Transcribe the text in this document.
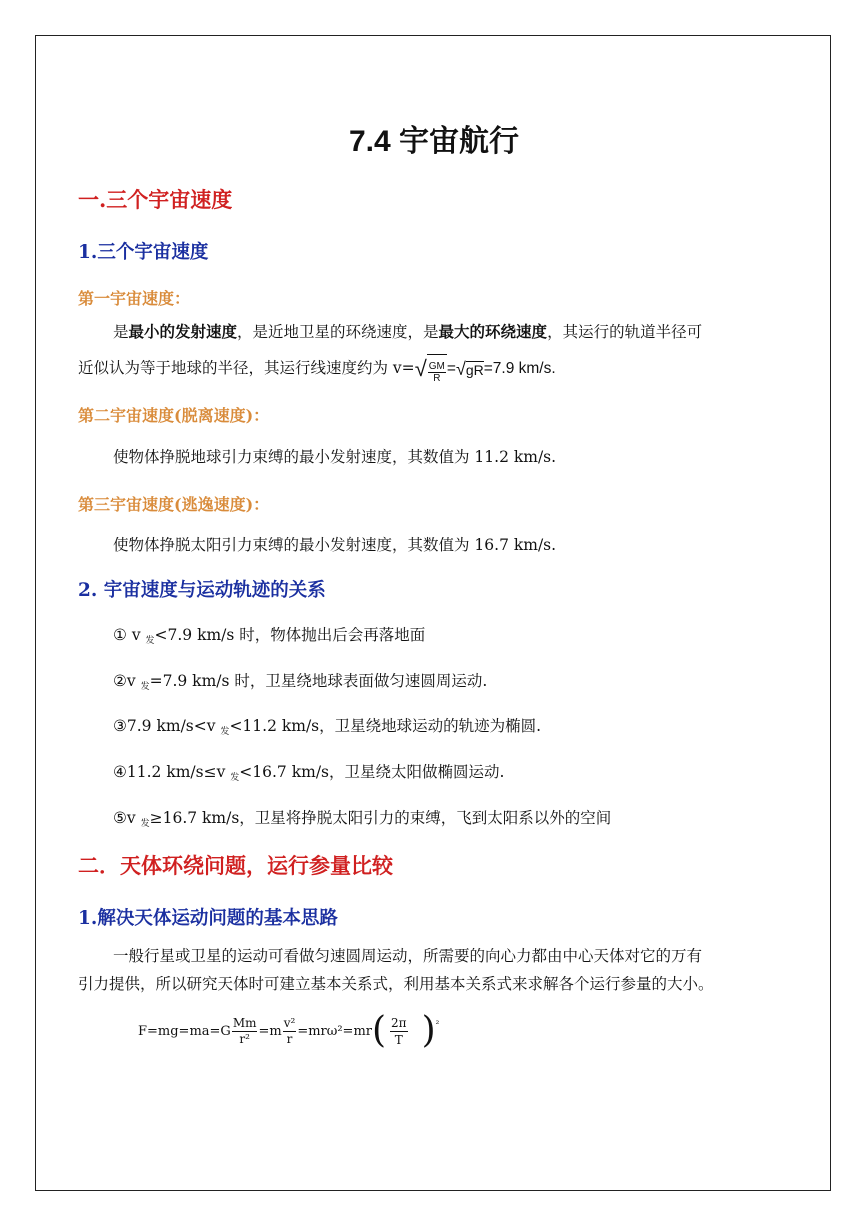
7.4 宇宙航行
一.三个宇宙速度
1.三个宇宙速度
第一宇宙速度：
是最小的发射速度，是近地卫星的环绕速度，是最大的环绕速度，其运行的轨道半径可
近似认为等于地球的半径，其运行线速度约为 v= √ $\frac{GM}{R}$ = √ gR =7.9 km/s.
第二宇宙速度(脱离速度)：
使物体挣脱地球引力束缚的最小发射速度，其数值为 11.2 km/s.
第三宇宙速度(逃逸速度)：
使物体挣脱太阳引力束缚的最小发射速度，其数值为 16.7 km/s.
2. 宇宙速度与运动轨迹的关系
① v 发<7.9 km/s 时，物体抛出后会再落地面
②v 发=7.9 km/s 时，卫星绕地球表面做匀速圆周运动.
③7.9 km/s<v 发<11.2 km/s，卫星绕地球运动的轨迹为椭圆.
④11.2 km/s≤v 发<16.7 km/s，卫星绕太阳做椭圆运动.
⑤v 发≥16.7 km/s，卫星将挣脱太阳引力的束缚，飞到太阳系以外的空间
二．天体环绕问题，运行参量比较
1.解决天体运动问题的基本思路
一般行星或卫星的运动可看做匀速圆周运动，所需要的向心力都由中心天体对它的万有
引力提供，所以研究天体时可建立基本关系式，利用基本关系式来求解各个运行参量的大小。
$F=mg=ma=G \frac{Mm}{\text{r²}} =m \frac{\text{v²}}{r} =mr\omega^2=mr$ ( $\frac{2\pi}{T}$ ) ²
